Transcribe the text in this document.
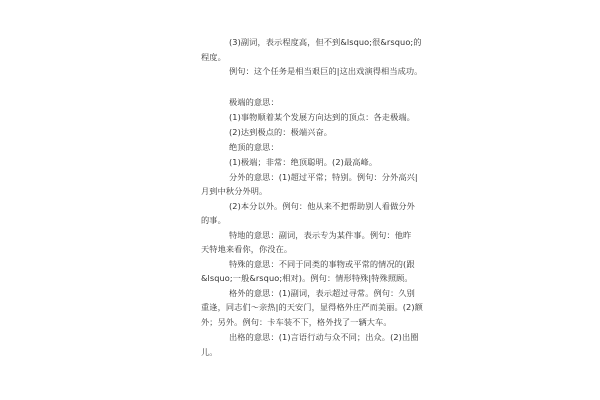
(3)副词，表示程度高，但不到&lsquo;很&rsquo;的
程度。
例句：这个任务是相当艰巨的|这出戏演得相当成功。
极端的意思：
(1)事物顺着某个发展方向达到的顶点：各走极端。
(2)达到极点的：极端兴奋。
绝顶的意思：
(1)极端；非常：绝顶聪明。(2)最高峰。
分外的意思：(1)超过平常；特别。例句：分外高兴|
月到中秋分外明。
(2)本分以外。例句：他从来不把帮助别人看做分外
的事。
特地的意思：副词，表示专为某件事。例句：他昨
天特地来看你，你没在。
特殊的意思：不同于同类的事物或平常的情况的(跟
&lsquo;一般&rsquo;相对)。例句：情形特殊|特殊照顾。
格外的意思：(1)副词，表示超过寻常。例句：久别
重逢，同志们～亲热|的天安门，显得格外庄严而美丽。(2)额
外；另外。例句：卡车装不下，格外找了一辆大车。
出格的意思：(1)言语行动与众不同；出众。(2)出圈
儿。
